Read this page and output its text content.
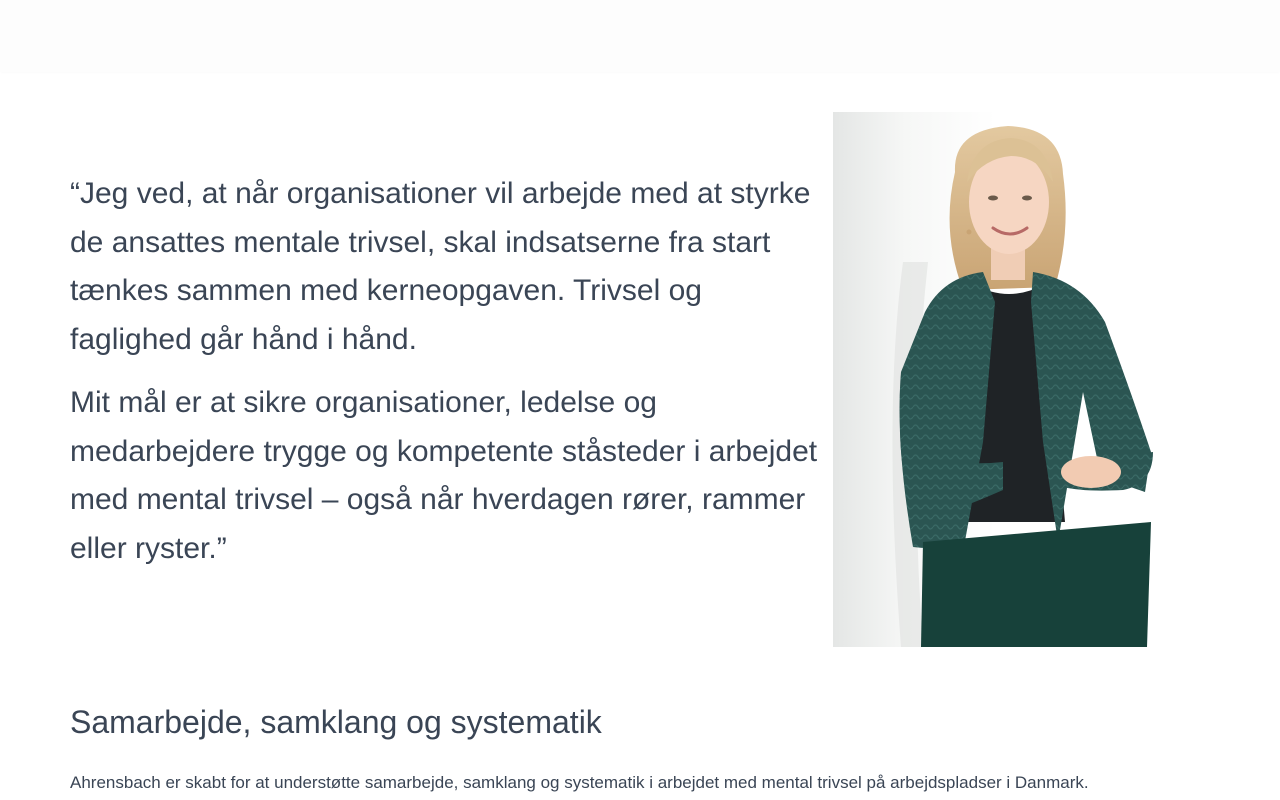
“Jeg ved, at når organisationer vil arbejde med at styrke de ansattes mentale trivsel, skal indsatserne fra start tænkes sammen med kerneopgaven. Trivsel og faglighed går hånd i hånd.

Mit mål er at sikre organisationer, ledelse og medarbejdere trygge og kompetente ståsteder i arbejdet med mental trivsel – også når hverdagen rører, rammer eller ryster.”

Samarbejde, samklang og systematik

Ahrensbach er skabt for at understøtte samarbejde, samklang og systematik i arbejdet med mental trivsel på arbejdspladser i Danmark.
